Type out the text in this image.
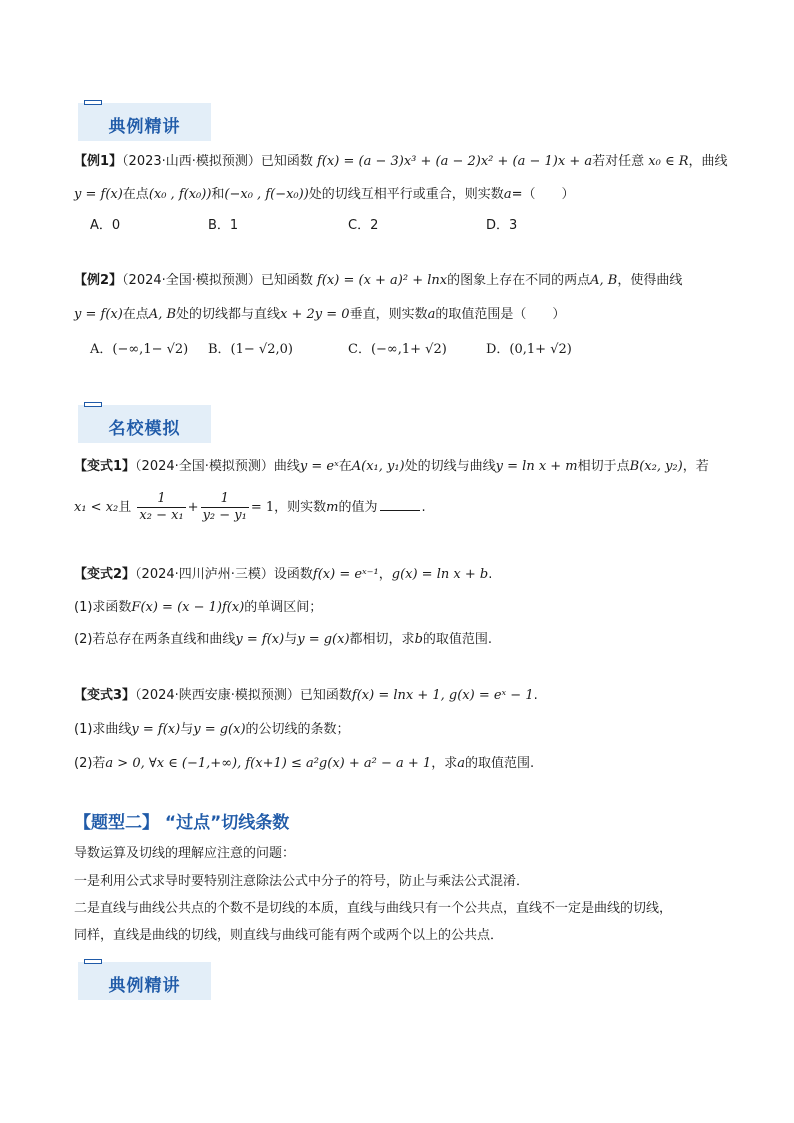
典例精讲
【例1】（2023·山西·模拟预测）已知函数 f(x) = (a − 3)x³ + (a − 2)x² + (a − 1)x + a若对任意 x₀ ∈ R，曲线
y = f(x)在点(x₀ , f(x₀))和(−x₀ , f(−x₀))处的切线互相平行或重合，则实数a=（　　）
A．0	B．1	C．2	D．3
【例2】（2024·全国·模拟预测）已知函数 f(x) = (x + a)² + lnx的图象上存在不同的两点A, B，使得曲线
y = f(x)在点A, B处的切线都与直线x + 2y = 0垂直，则实数a的取值范围是（　　）
A．(−∞,1− √2) B．(1− √2,0)	C．(−∞,1+ √2)	D．(0,1+ √2)
名校模拟
【变式1】（2024·全国·模拟预测）曲线y = eˣ在A(x₁, y₁)处的切线与曲线y = ln x + m相切于点B(x₂, y₂)，若
x₁ < x₂且 $\frac{1}{\text{x₂ − x₁}} + \frac{1}{\text{y₂ − y₁}} = 1$，则实数m的值为	.
【变式2】（2024·四川泸州·三模）设函数f(x) = eˣ⁻¹，g(x) = ln x + b.
(1)求函数F(x) = (x − 1)f(x)的单调区间；
(2)若总存在两条直线和曲线y = f(x)与y = g(x)都相切，求b的取值范围.
【变式3】（2024·陕西安康·模拟预测）已知函数f(x) = lnx + 1, g(x) = eˣ − 1.
(1)求曲线y = f(x)与y = g(x)的公切线的条数；
(2)若a > 0, ∀x ∈ (−1,+∞), f(x+1) ≤ a²g(x) + a² − a + 1，求a的取值范围.
【题型二】 “过点”切线条数
导数运算及切线的理解应注意的问题：
一是利用公式求导时要特别注意除法公式中分子的符号，防止与乘法公式混淆．
二是直线与曲线公共点的个数不是切线的本质，直线与曲线只有一个公共点，直线不一定是曲线的切线，
同样，直线是曲线的切线，则直线与曲线可能有两个或两个以上的公共点．
典例精讲
